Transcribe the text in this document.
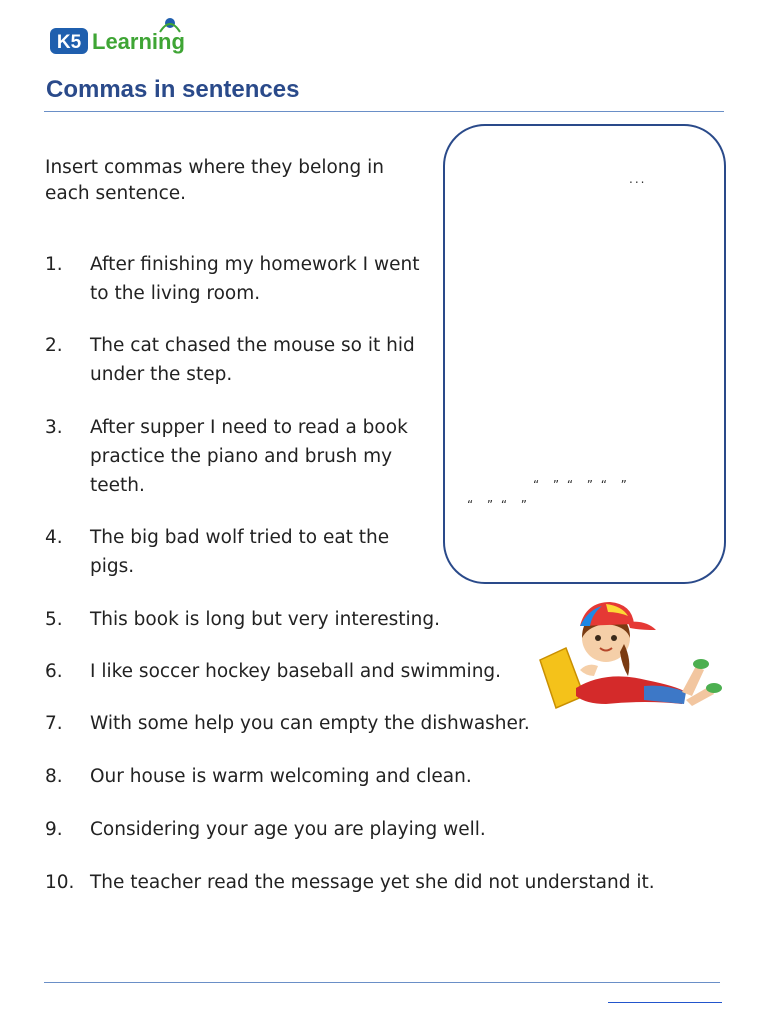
K5 Learning
Commas in sentences
Insert commas where they belong in each sentence.
1.	After finishing my homework I went to the living room.
2.	The cat chased the mouse so it hid under the step.
3.	After supper I need to read a book practice the piano and brush my teeth.
4.	The big bad wolf tried to eat the pigs.
5.	This book is long but very interesting.
6.	I like soccer hockey baseball and swimming.
7.	With some help you can empty the dishwasher.
8.	Our house is warm welcoming and clean.
9.	Considering your age you are playing well.
10. The teacher read the message yet she did not understand it.
...
“  ” “  ” “  ”
“  ” “  ”
